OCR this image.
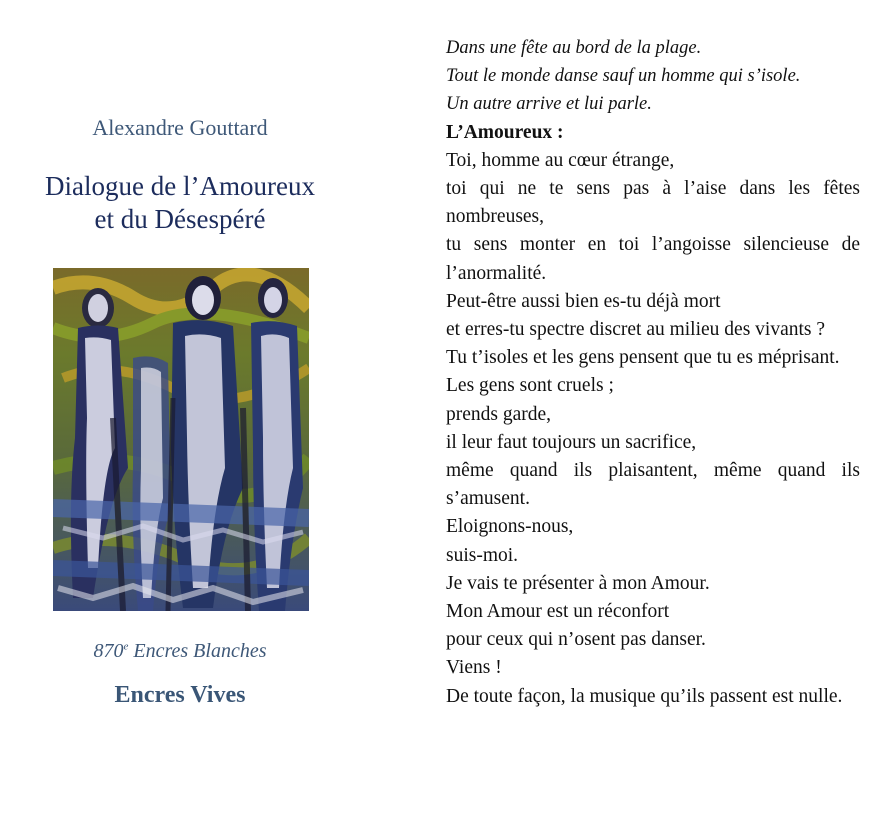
Alexandre Gouttard
Dialogue de l’Amoureux
et du Désespéré
870e Encres Blanches
Encres Vives
Dans une fête au bord de la plage.
Tout le monde danse sauf un homme qui s’isole.
Un autre arrive et lui parle.
L’Amoureux :
Toi, homme au cœur étrange,
toi qui ne te sens pas à l’aise dans les fêtes nombreuses,
tu sens monter en toi l’angoisse silencieuse de l’anormalité.
Peut-être aussi bien es-tu déjà mort
et erres-tu spectre discret au milieu des vivants ?
Tu t’isoles et les gens pensent que tu es méprisant.
Les gens sont cruels ;
prends garde,
il leur faut toujours un sacrifice,
même quand ils plaisantent, même quand ils s’amusent.
Eloignons-nous,
suis-moi.
Je vais te présenter à mon Amour.
Mon Amour est un réconfort
pour ceux qui n’osent pas danser.
Viens !
De toute façon, la musique qu’ils passent est nulle.
